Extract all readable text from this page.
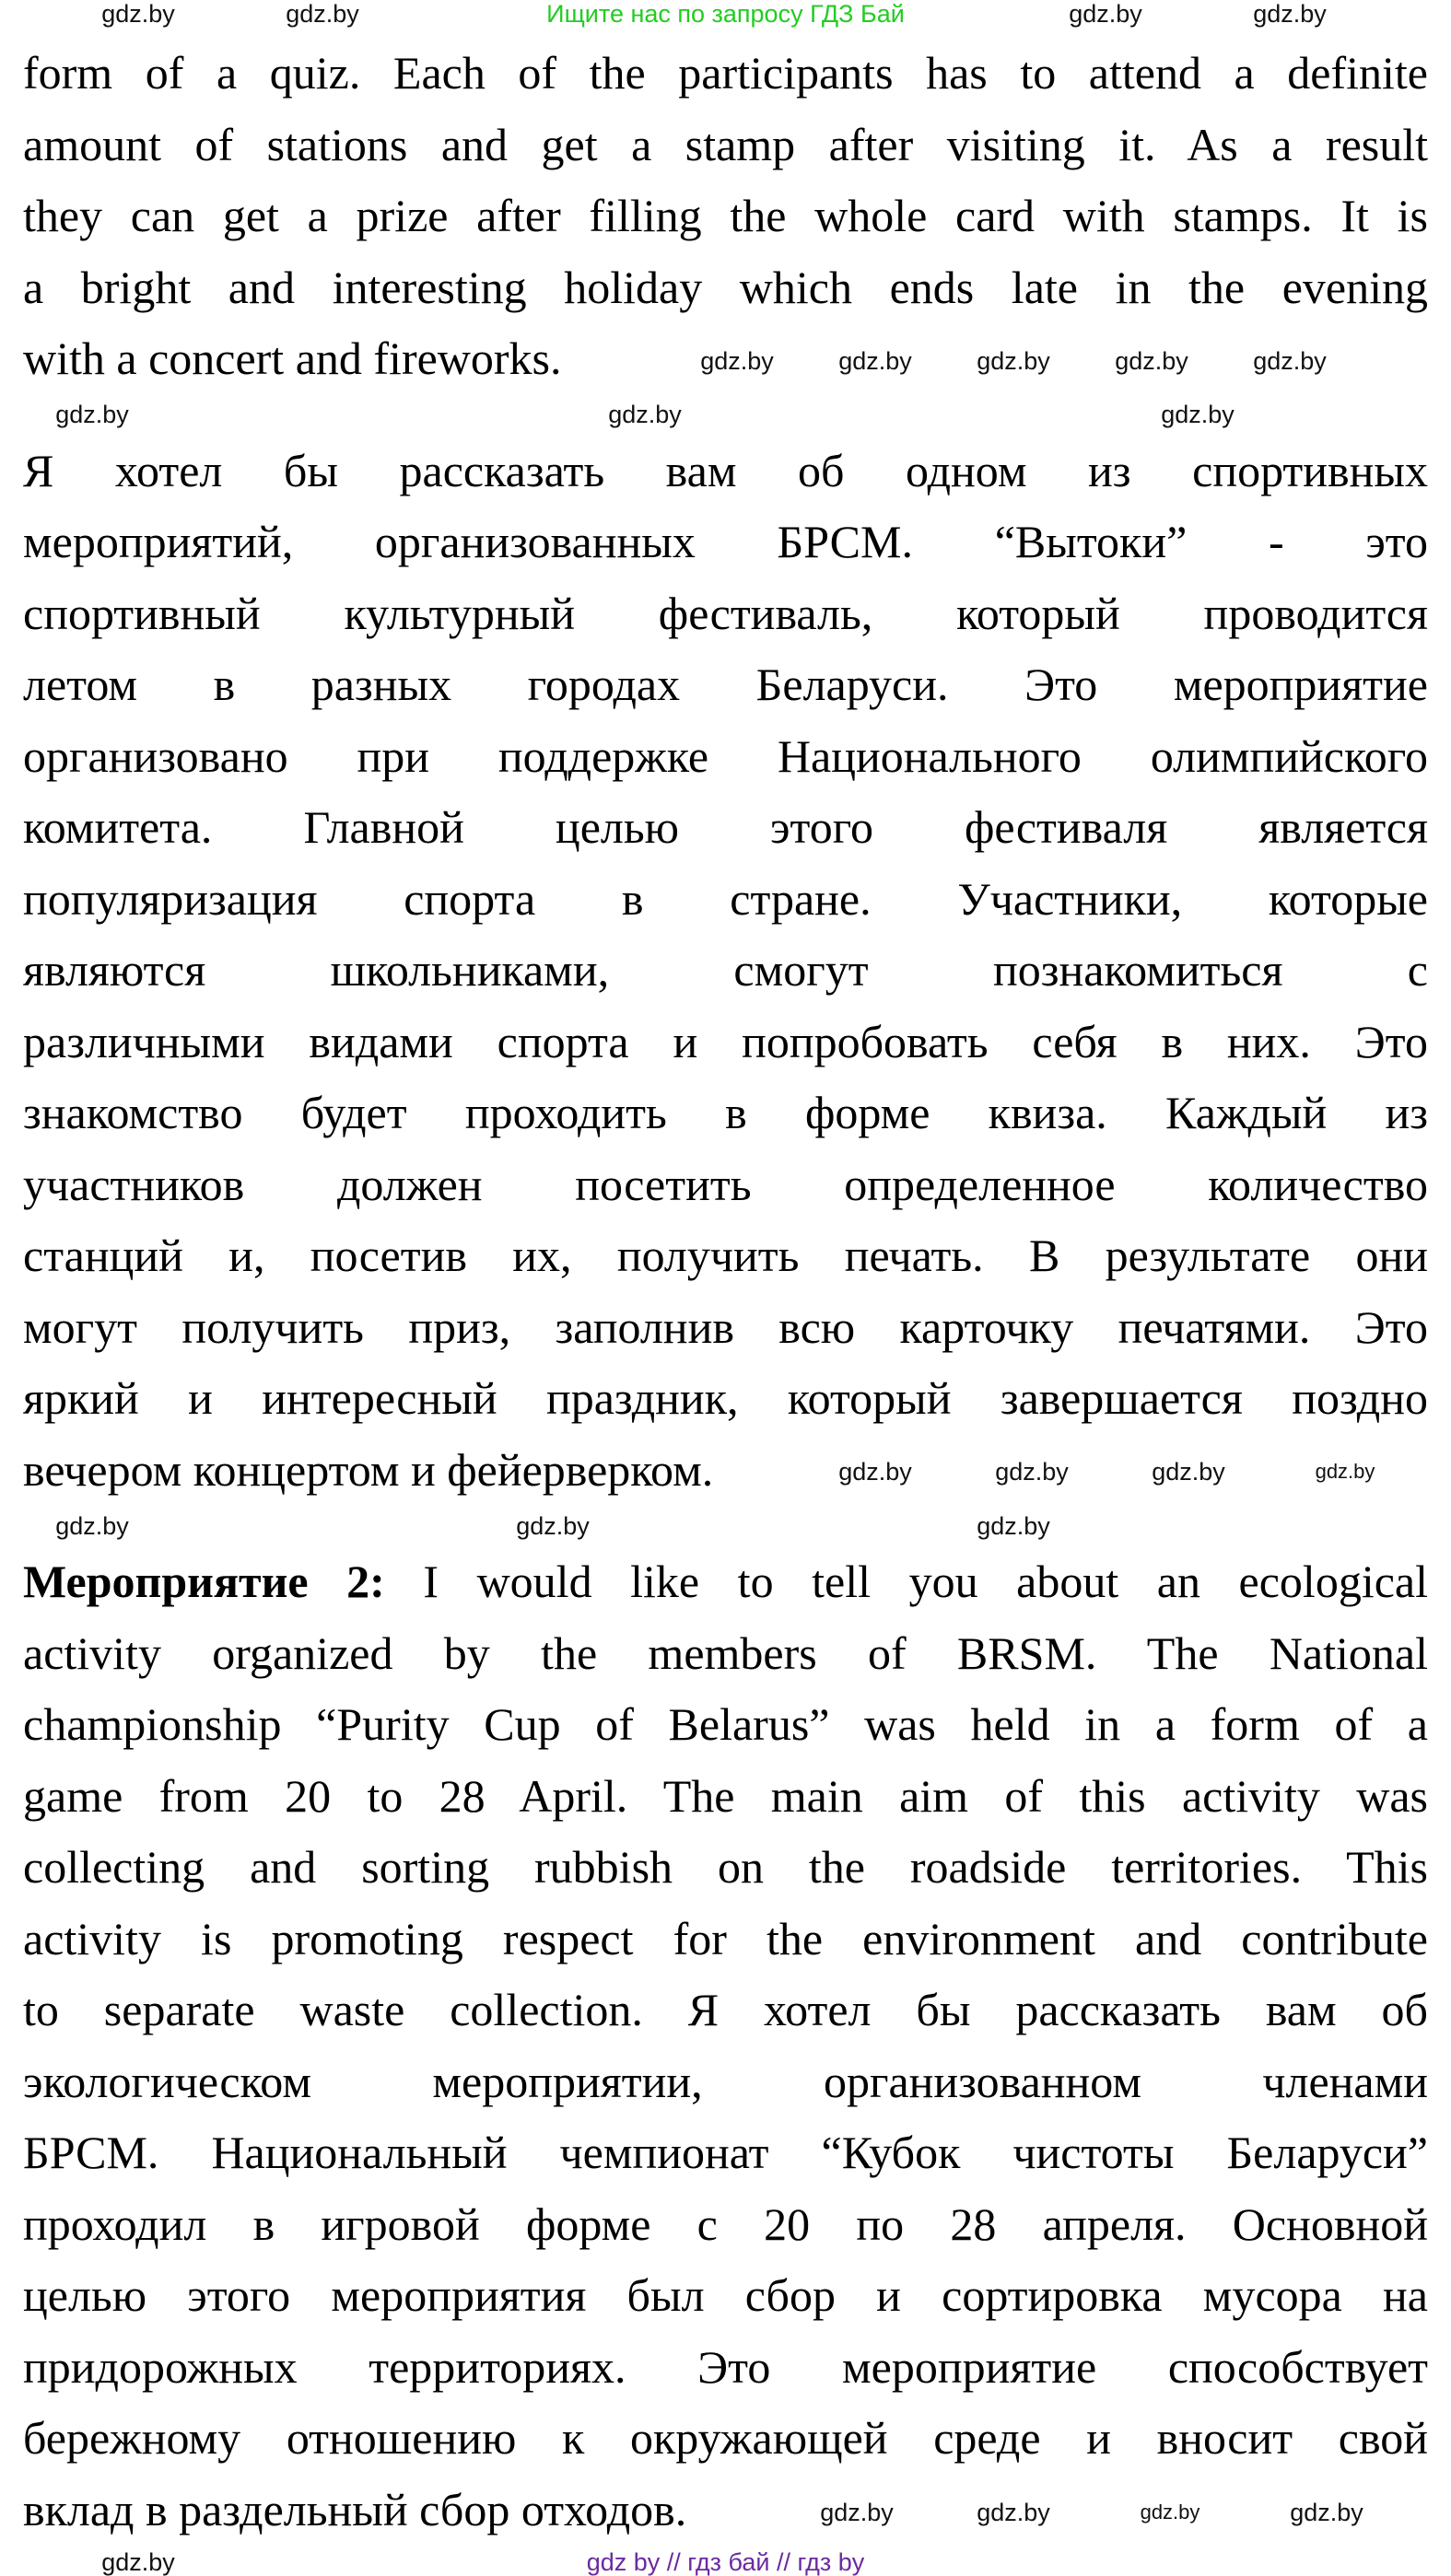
Ищите нас по запросу ГДЗ Бай
form of a quiz. Each of the participants has to attend a definite
amount of stations and get a stamp after visiting it. As a result
they can get a prize after filling the whole card with stamps. It is
a bright and interesting holiday which ends late in the evening
with a concert and fireworks.
Я хотел бы рассказать вам об одном из спортивных
мероприятий, организованных БРСМ. “Вытоки” - это
спортивный культурный фестиваль, который проводится
летом в разных городах Беларуси. Это мероприятие
организовано при поддержке Национального олимпийского
комитета. Главной целью этого фестиваля является
популяризация спорта в стране. Участники, которые
являются школьниками, смогут познакомиться с
различными видами спорта и попробовать себя в них. Это
знакомство будет проходить в форме квиза. Каждый из
участников должен посетить определенное количество
станций и, посетив их, получить печать. В результате они
могут получить приз, заполнив всю карточку печатями. Это
яркий и интересный праздник, который завершается поздно
вечером концертом и фейерверком.
Мероприятие 2: I would like to tell you about an ecological
activity organized by the members of BRSM. The National
championship “Purity Cup of Belarus” was held in a form of a
game from 20 to 28 April. The main aim of this activity was
collecting and sorting rubbish on the roadside territories. This
activity is promoting respect for the environment and contribute
to separate waste collection. Я хотел бы рассказать вам об
экологическом мероприятии, организованном членами
БРСМ. Национальный чемпионат “Кубок чистоты Беларуси”
проходил в игровой форме с 20 по 28 апреля. Основной
целью этого мероприятия был сбор и сортировка мусора на
придорожных территориях. Это мероприятие способствует
бережному отношению к окружающей среде и вносит свой
вклад в раздельный сбор отходов.
gdz.by	gdz.by	gdz.by	gdz.by
gdz.by	gdz.by	gdz.by	gdz.by	gdz.by
gdz.by	gdz.by	gdz.by
gdz.by	gdz.by	gdz.by	gdz.by
gdz.by	gdz.by	gdz.by
gdz.by	gdz.by	gdz.by	gdz.by
gdz.by	gdz by // гдз бай // гдз by
